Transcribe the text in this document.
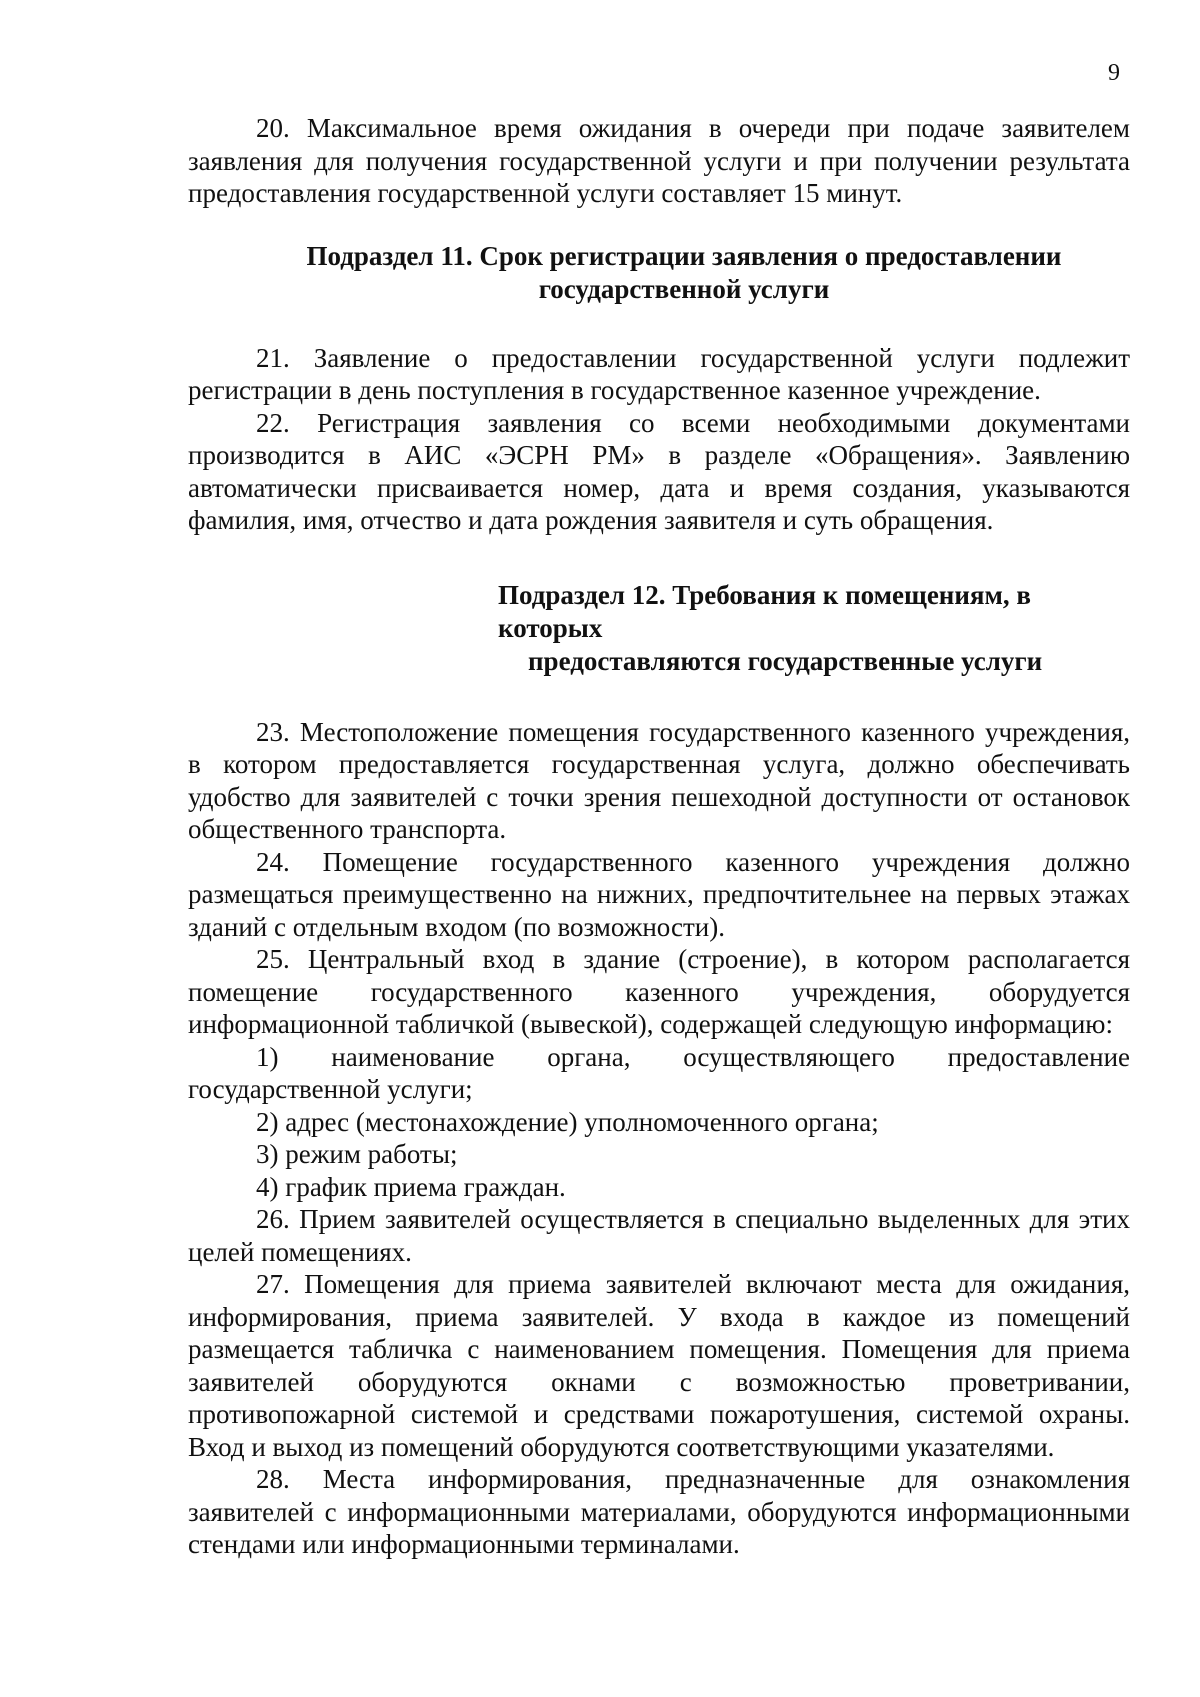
9

20. Максимальное время ожидания в очереди при подаче заявителем заявления для получения государственной услуги и при получении результата предоставления государственной услуги составляет 15 минут.

Подраздел 11. Срок регистрации заявления о предоставлении
государственной услуги

21. Заявление о предоставлении государственной услуги подлежит регистрации в день поступления в государственное казенное учреждение.

22. Регистрация заявления со всеми необходимыми документами производится в АИС «ЭСРН РМ» в разделе «Обращения». Заявлению автоматически присваивается номер, дата и время создания, указываются фамилия, имя, отчество и дата рождения заявителя и суть обращения.

Подраздел 12. Требования к помещениям, в которых
предоставляются государственные услуги

23. Местоположение помещения государственного казенного учреждения, в котором предоставляется государственная услуга, должно обеспечивать удобство для заявителей с точки зрения пешеходной доступности от остановок общественного транспорта.

24. Помещение государственного казенного учреждения должно размещаться преимущественно на нижних, предпочтительнее на первых этажах зданий с отдельным входом (по возможности).

25. Центральный вход в здание (строение), в котором располагается помещение государственного казенного учреждения, оборудуется информационной табличкой (вывеской), содержащей следующую информацию:

1) наименование органа, осуществляющего предоставление государственной услуги;

2) адрес (местонахождение) уполномоченного органа;

3) режим работы;

4) график приема граждан.

26. Прием заявителей осуществляется в специально выделенных для этих целей помещениях.

27. Помещения для приема заявителей включают места для ожидания, информирования, приема заявителей. У входа в каждое из помещений размещается табличка с наименованием помещения. Помещения для приема заявителей оборудуются окнами с возможностью проветривании, противопожарной системой и средствами пожаротушения, системой охраны. Вход и выход из помещений оборудуются соответствующими указателями.

28. Места информирования, предназначенные для ознакомления заявителей с информационными материалами, оборудуются информационными стендами или информационными терминалами.
